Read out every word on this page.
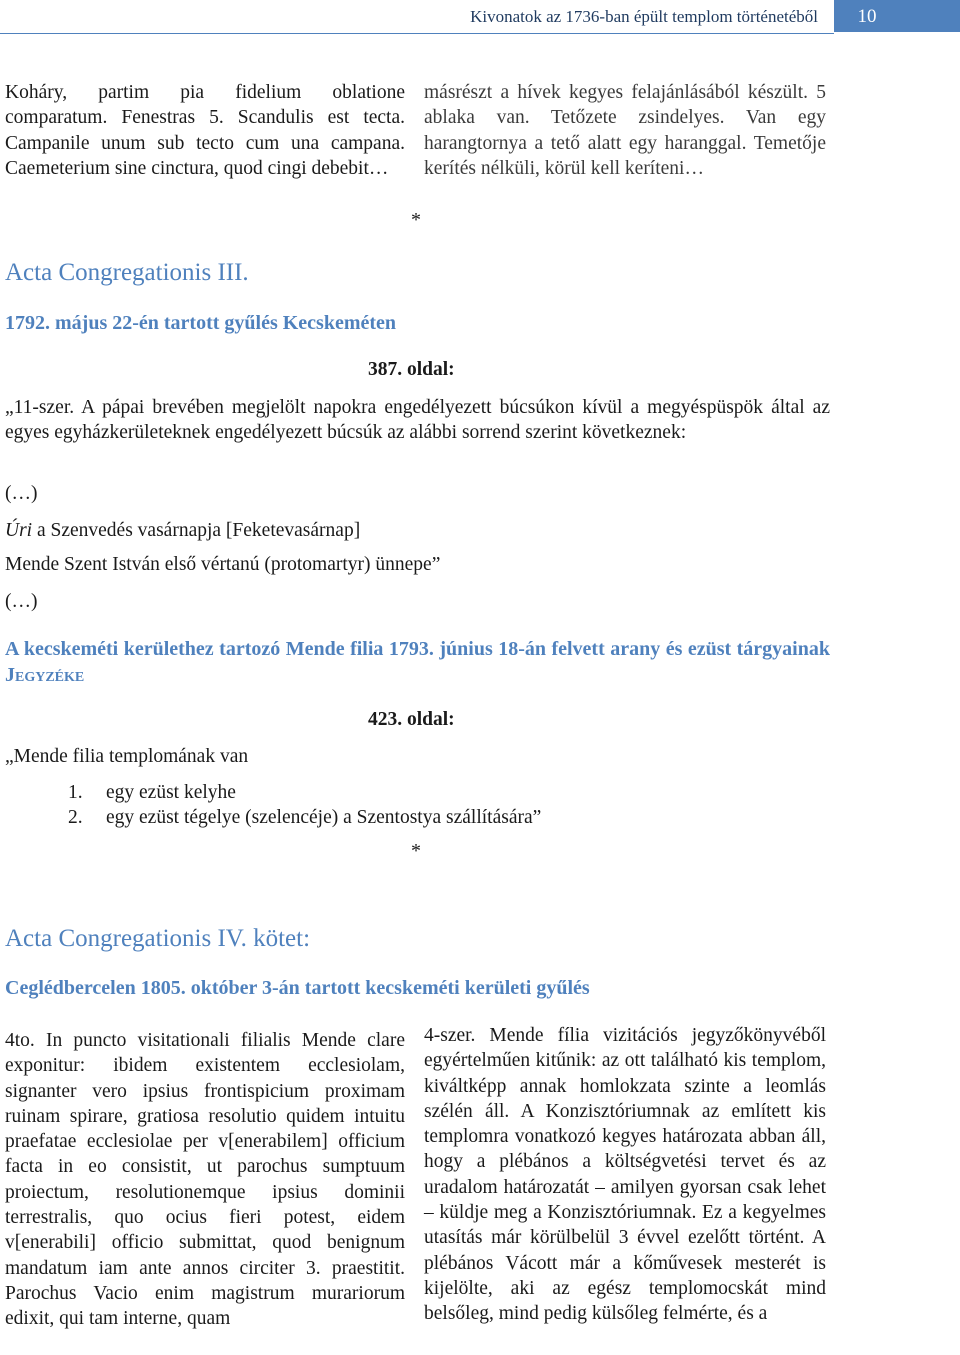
Kivonatok az 1736-ban épült templom történetéből	10
Koháry, partim pia fidelium oblatione comparatum. Fenestras 5. Scandulis est tecta. Campanile unum sub tecto cum una campana. Caemeterium sine cinctura, quod cingi debebit…
másrészt a hívek kegyes felajánlásából készült. 5 ablaka van. Tetőzete zsindelyes. Van egy harangtornya a tető alatt egy haranggal. Temetője kerítés nélküli, körül kell keríteni…
*
Acta Congregationis III.
1792. május 22-én tartott gyűlés Kecskeméten
387. oldal:
„11-szer. A pápai brevében megjelölt napokra engedélyezett búcsúkon kívül a megyéspüspök által az egyes egyházkerületeknek engedélyezett búcsúk az alábbi sorrend szerint következnek:
(…)
Úri a Szenvedés vasárnapja [Feketevasárnap]
Mende Szent István első vértanú (protomartyr) ünnepe”
(…)
A kecskeméti kerülethez tartozó Mende filia 1793. június 18-án felvett arany és ezüst tárgyainak Jegyzéke
423. oldal:
„Mende filia templomának van
1.	egy ezüst kelyhe
2.	egy ezüst tégelye (szelencéje) a Szentostya szállítására”
*
Acta Congregationis IV. kötet:
Ceglédbercelen 1805. október 3-án tartott kecskeméti kerületi gyűlés
4to. In puncto visitationali filialis Mende clare exponitur: ibidem existentem ecclesiolam, signanter vero ipsius frontispicium proximam ruinam spirare, gratiosa resolutio quidem intuitu praefatae ecclesiolae per v[enerabilem] officium facta in eo consistit, ut parochus sumptuum proiectum, resolutionemque ipsius dominii terrestralis, quo ocius fieri potest, eidem v[enerabili] officio submittat, quod benignum mandatum iam ante annos circiter 3. praestitit. Parochus Vacio enim magistrum murariorum edixit, qui tam interne, quam
4-szer. Mende fília vizitációs jegyzőkönyvéből egyértelműen kitűnik: az ott található kis templom, kiváltképp annak homlokzata szinte a leomlás szélén áll. A Konzisztóriumnak az említett kis templomra vonatkozó kegyes határozata abban áll, hogy a plébános a költségvetési tervet és az uradalom határozatát – amilyen gyorsan csak lehet – küldje meg a Konzisztóriumnak. Ez a kegyelmes utasítás már körülbelül 3 évvel ezelőtt történt. A plébános Vácott már a kőművesek mesterét is kijelölte, aki az egész templomocskát mind belsőleg, mind pedig külsőleg felmérte, és a
